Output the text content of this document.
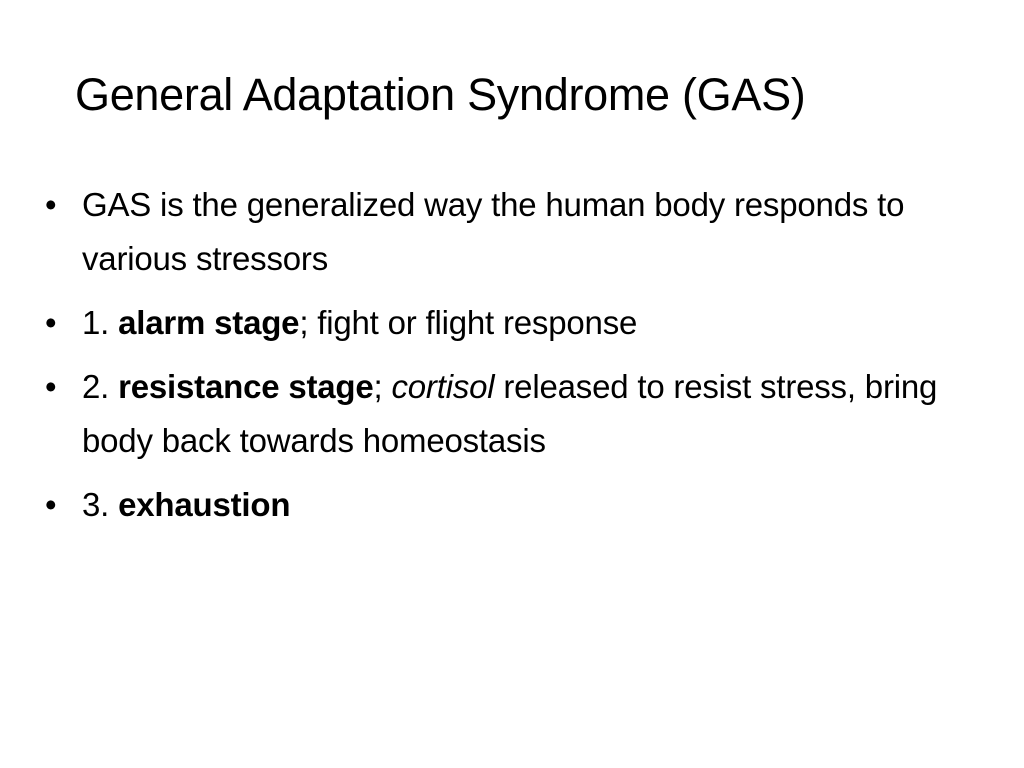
General Adaptation Syndrome (GAS)
• GAS is the generalized way the human body responds to various stressors
• 1. alarm stage; fight or flight response
• 2. resistance stage; cortisol released to resist stress, bring body back towards homeostasis
• 3. exhaustion
